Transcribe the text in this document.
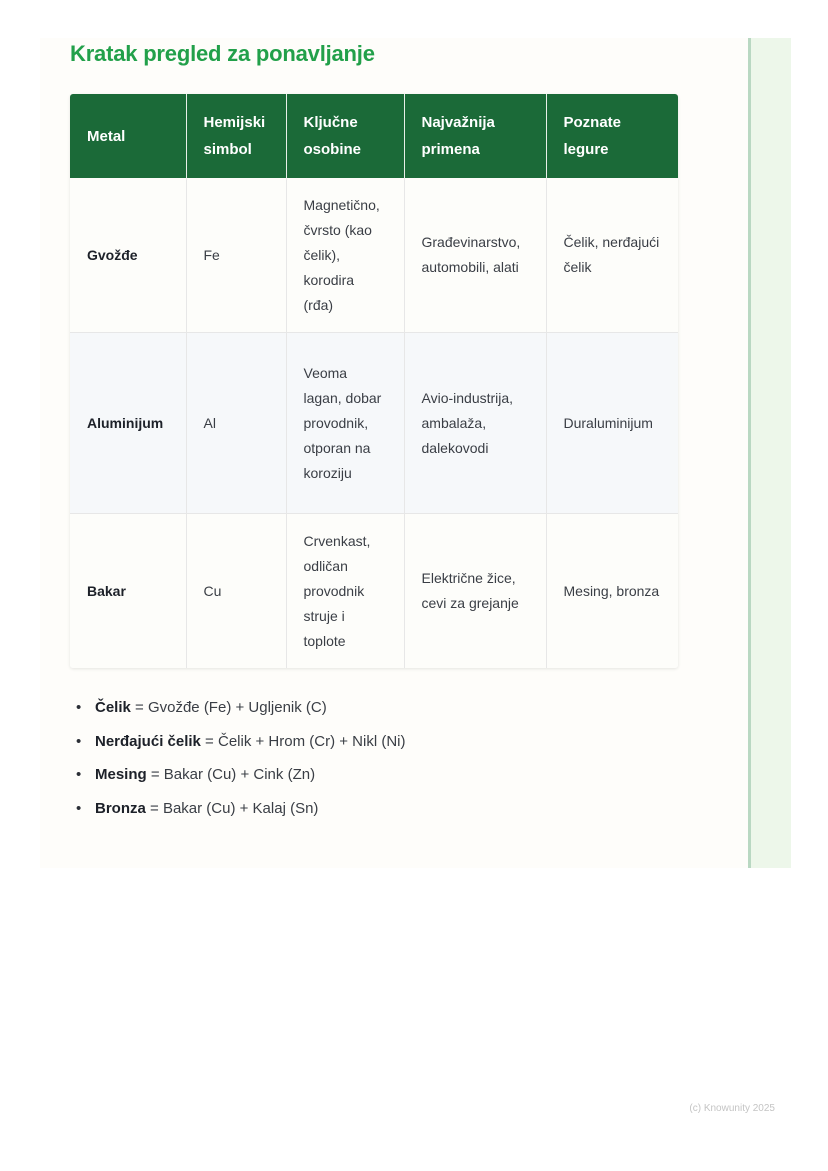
Kratak pregled za ponavljanje
Metal	Hemijski simbol	Ključne osobine	Najvažnija primena	Poznate legure
Gvožđe	Fe	Magnetično, čvrsto (kao čelik), korodira (rđa)	Građevinarstvo, automobili, alati	Čelik, nerđajući čelik
Aluminijum	Al	Veoma lagan, dobar provodnik, otporan na koroziju	Avio-industrija, ambalaža, dalekovodi	Duraluminijum
Bakar	Cu	Crvenkast, odličan provodnik struje i toplote	Električne žice, cevi za grejanje	Mesing, bronza
• Čelik = Gvožđe (Fe) + Ugljenik (C)
• Nerđajući čelik = Čelik + Hrom (Cr) + Nikl (Ni)
• Mesing = Bakar (Cu) + Cink (Zn)
• Bronza = Bakar (Cu) + Kalaj (Sn)
(c) Knowunity 2025
